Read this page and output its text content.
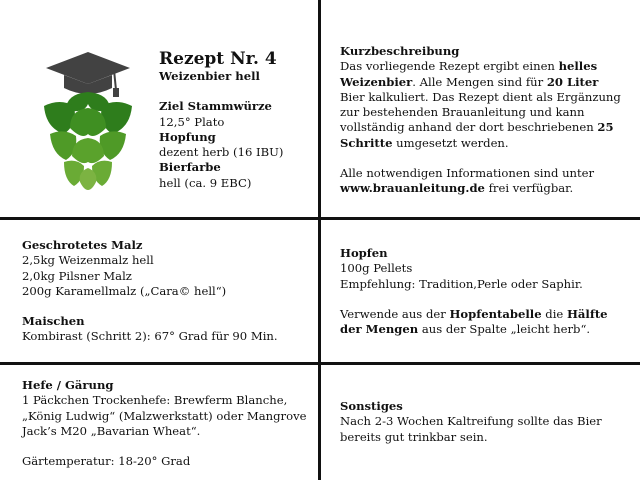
Rezept Nr. 4

Weizenbier hell

Ziel Stammwürze

12,5° Plato

Hopfung

dezent herb (16 IBU)

Bierfarbe

hell (ca. 9 EBC)

Kurzbeschreibung

Das vorliegende Rezept ergibt einen helles Weizenbier. Alle Mengen sind für 20 Liter Bier kalkuliert. Das Rezept dient als Ergänzung zur bestehenden Brauanleitung und kann vollständig anhand der dort beschriebenen 25 Schritte umgesetzt werden.

Alle notwendigen Informationen sind unter www.brauanleitung.de frei verfügbar.

Geschrotetes Malz

2,5kg Weizenmalz hell

2,0kg Pilsner Malz

200g Karamellmalz („Cara© hell“)

Maischen

Kombirast (Schritt 2): 67° Grad für 90 Min.

Hopfen

100g Pellets

Empfehlung: Tradition,Perle oder Saphir.

Verwende aus der Hopfentabelle die Hälfte der Mengen aus der Spalte „leicht herb“.

Hefe / Gärung

1 Päckchen Trockenhefe: Brewferm Blanche, „König Ludwig“ (Malzwerkstatt) oder Mangrove Jack’s M20 „Bavarian Wheat“.

Gärtemperatur: 18-20° Grad

Sonstiges

Nach 2-3 Wochen Kaltreifung sollte das Bier bereits gut trinkbar sein.
